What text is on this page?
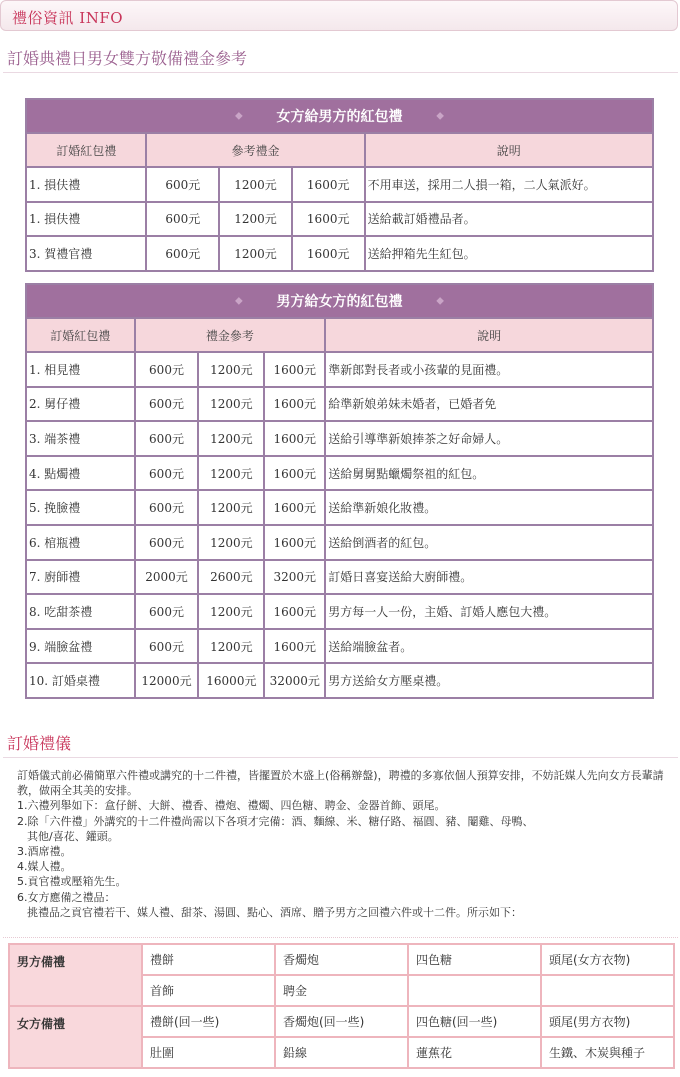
禮俗資訊 INFO
訂婚典禮日男女雙方敬備禮金參考
◆ 女方給男方的紅包禮 ◆				

訂婚紅包禮	參考禮金			說明
1. 損伕禮	600元	1200元	1600元	不用車送，採用二人損一箱，二人氣派好。
1. 損伕禮	600元	1200元	1600元	送給載訂婚禮品者。
3. 賀禮官禮	600元	1200元	1600元	送給押箱先生紅包。
◆ 男方給女方的紅包禮 ◆				

訂婚紅包禮	禮金參考			說明
1. 相見禮	600元	1200元	1600元	準新郎對長者或小孩輩的見面禮。
2. 舅仔禮	600元	1200元	1600元	給準新娘弟妹未婚者，已婚者免
3. 端茶禮	600元	1200元	1600元	送給引導準新娘捧茶之好命婦人。
4. 點燭禮	600元	1200元	1600元	送給舅舅點蠟燭祭祖的紅包。
5. 挽臉禮	600元	1200元	1600元	送給準新娘化妝禮。
6. 棺瓶禮	600元	1200元	1600元	送給倒酒者的紅包。
7. 廚師禮	2000元	2600元	3200元	訂婚日喜宴送給大廚師禮。
8. 吃甜茶禮	600元	1200元	1600元	男方每一人一份，主婚、訂婚人應包大禮。
9. 端臉盆禮	600元	1200元	1600元	送給端臉盆者。
10. 訂婚桌禮	12000元	16000元	32000元	男方送給女方壓桌禮。
訂婚禮儀
訂婚儀式前必備簡單六件禮或講究的十二件禮，皆擺置於木盛上(俗稱辦盤)，聘禮的多寡依個人預算安排，不妨託媒人先向女方長輩請教，做兩全其美的安排。
1.六禮列舉如下：盒仔餅、大餅、禮香、禮炮、禮燭、四色糖、聘金、金器首飾、頭尾。
2.除「六件禮」外講究的十二件禮尚需以下各項才完備：酒、麵線、米、糖仔路、福圓、豬、閹雞、母鴨、
其他/喜花、鑵頭。
3.酒席禮。
4.媒人禮。
5.貢官禮或壓箱先生。
6.女方應備之禮品：
挑禮品之貢官禮若干、媒人禮、甜茶、湯圓、點心、酒席、贈予男方之回禮六件或十二件。所示如下：
男方備禮	禮餅	香燭炮	四色糖	頭尾(女方衣物)
	首飾	聘金		
女方備禮	禮餅(回一些)	香燭炮(回一些)	四色糖(回一些)	頭尾(男方衣物)
	肚圍	鉛線	蓮蕉花	生鐵、木炭與種子
